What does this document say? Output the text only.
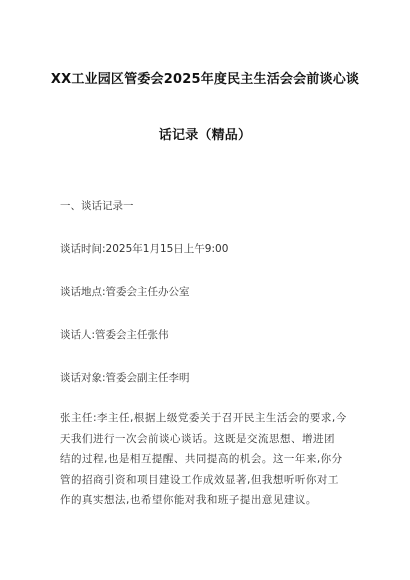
XX工业园区管委会2025年度民主生活会会前谈心谈
话记录（精品）
一、谈话记录一
谈话时间:2025年1月15日上午9:00
谈话地点:管委会主任办公室
谈话人:管委会主任张伟
谈话对象:管委会副主任李明
张主任:李主任,根据上级党委关于召开民主生活会的要求,今
天我们进行一次会前谈心谈话。这既是交流思想、增进团
结的过程,也是相互提醒、共同提高的机会。这一年来,你分
管的招商引资和项目建设工作成效显著,但我想听听你对工
作的真实想法,也希望你能对我和班子提出意见建议。
